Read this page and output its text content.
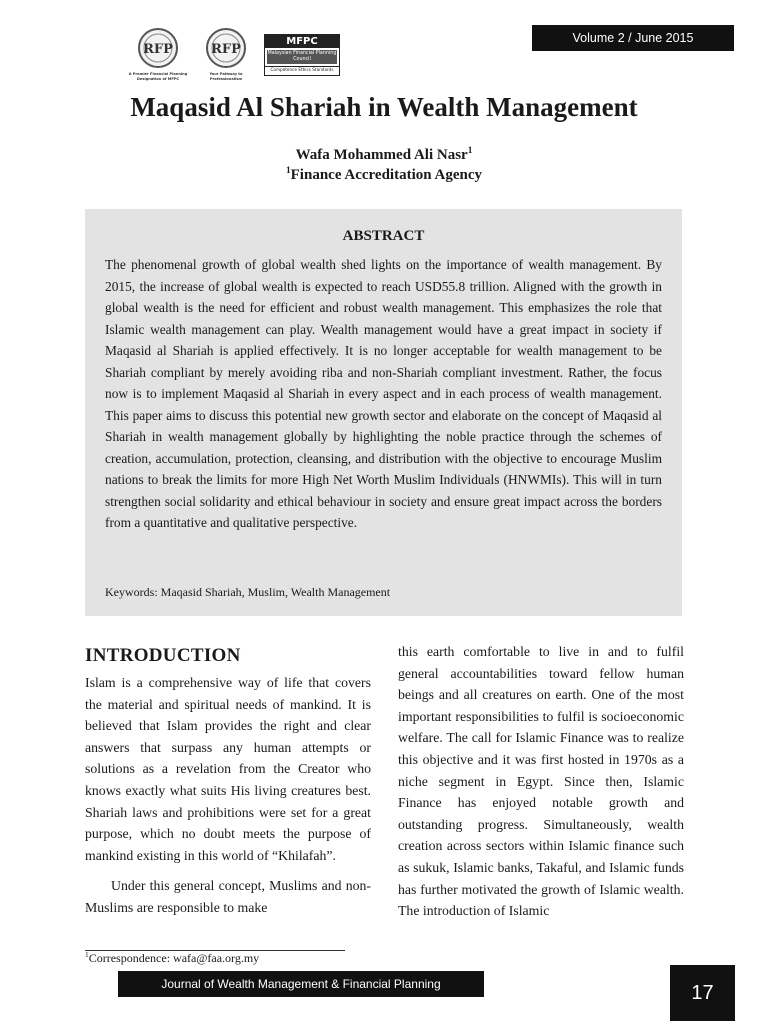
RFP
A Premier Financial Planning Designation of MFPC
RFP
Your Pathway to Professionalism
MFPC
Malaysian Financial Planning Council
Competence Ethics Standards
Volume 2 / June 2015
Maqasid Al Shariah in Wealth Management
Wafa Mohammed Ali Nasr$^1$
$^1$Finance Accreditation Agency
ABSTRACT
The phenomenal growth of global wealth shed lights on the importance of wealth management. By 2015, the increase of global wealth is expected to reach USD55.8 trillion. Aligned with the growth in global wealth is the need for efficient and robust wealth management. This emphasizes the role that Islamic wealth management can play. Wealth management would have a great impact in society if Maqasid al Shariah is applied effectively. It is no longer acceptable for wealth management to be Shariah compliant by merely avoiding riba and non-Shariah compliant investment. Rather, the focus now is to implement Maqasid al Shariah in every aspect and in each process of wealth management. This paper aims to discuss this potential new growth sector and elaborate on the concept of Maqasid al Shariah in wealth management globally by highlighting the noble practice through the schemes of creation, accumulation, protection, cleansing, and distribution with the objective to encourage Muslim nations to break the limits for more High Net Worth Muslim Individuals (HNWMIs). This will in turn strengthen social solidarity and ethical behaviour in society and ensure great impact across the borders from a quantitative and qualitative perspective.
Keywords: Maqasid Shariah, Muslim, Wealth Management
INTRODUCTION

Islam is a comprehensive way of life that covers the material and spiritual needs of mankind. It is believed that Islam provides the right and clear answers that surpass any human attempts or solutions as a revelation from the Creator who knows exactly what suits His living creatures best. Shariah laws and prohibitions were set for a great purpose, which no doubt meets the purpose of mankind existing in this world of “Khilafah”.

Under this general concept, Muslims and non-Muslims are responsible to make

this earth comfortable to live in and to fulfil general accountabilities toward fellow human beings and all creatures on earth. One of the most important responsibilities to fulfil is socioeconomic welfare. The call for Islamic Finance was to realize this objective and it was first hosted in 1970s as a niche segment in Egypt. Since then, Islamic Finance has enjoyed notable growth and outstanding progress. Simultaneously, wealth creation across sectors within Islamic finance such as sukuk, Islamic banks, Takaful, and Islamic funds has further motivated the growth of Islamic wealth. The introduction of Islamic

$^1$Correspondence: wafa@faa.org.my
Journal of Wealth Management & Financial Planning	17
